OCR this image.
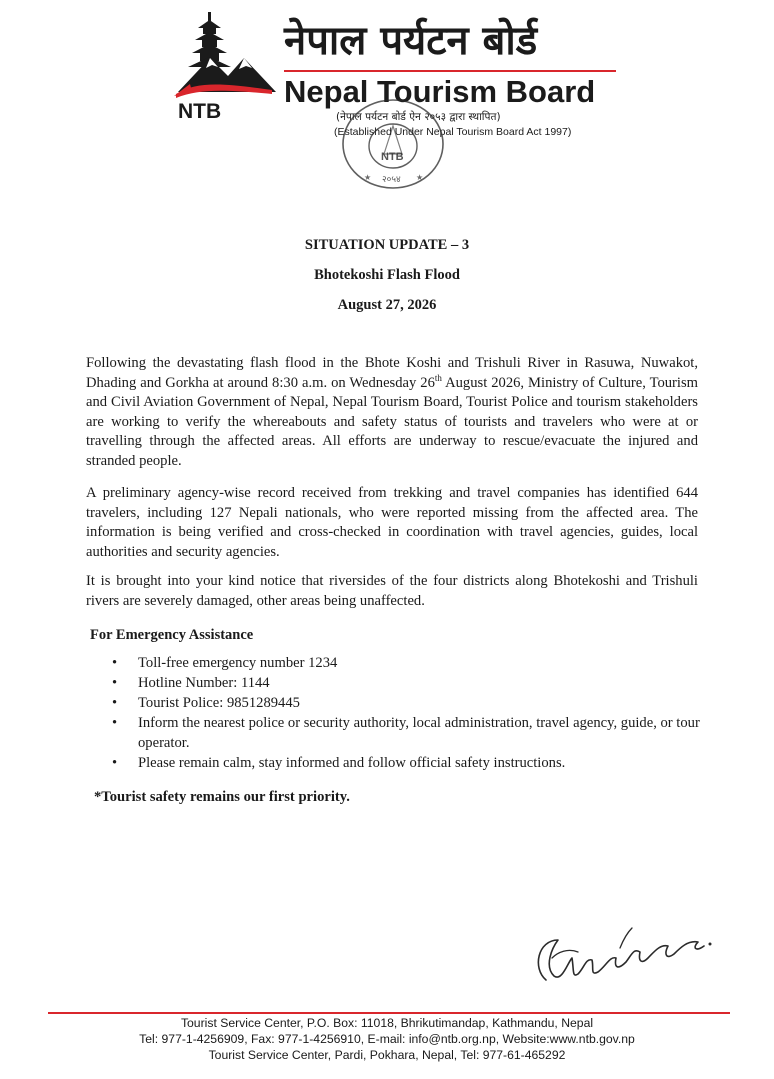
NTB
नेपाल पर्यटन बोर्ड
Nepal Tourism Board
(नेपाल पर्यटन बोर्ड ऐन २०५३ द्वारा स्थापित)
(Established Under Nepal Tourism Board Act 1997)
NTB
२०५४
★	★
SITUATION UPDATE – 3
Bhotekoshi Flash Flood
August 27, 2026
Following the devastating flash flood in the Bhote Koshi and Trishuli River in Rasuwa, Nuwakot, Dhading and Gorkha at around 8:30 a.m. on Wednesday 26th August 2026, Ministry of Culture, Tourism and Civil Aviation Government of Nepal, Nepal Tourism Board, Tourist Police and tourism stakeholders are working to verify the whereabouts and safety status of tourists and travelers who were at or travelling through the affected areas. All efforts are underway to rescue/evacuate the injured and stranded people.
A preliminary agency-wise record received from trekking and travel companies has identified 644 travelers, including 127 Nepali nationals, who were reported missing from the affected area. The information is being verified and cross-checked in coordination with travel agencies, guides, local authorities and security agencies.
It is brought into your kind notice that riversides of the four districts along Bhotekoshi and Trishuli rivers are severely damaged, other areas being unaffected.
For Emergency Assistance
• Toll-free emergency number 1234
• Hotline Number: 1144
• Tourist Police: 9851289445
• Inform the nearest police or security authority, local administration, travel agency, guide, or tour operator.
• Please remain calm, stay informed and follow official safety instructions.
*Tourist safety remains our first priority.
Tourist Service Center, P.O. Box: 11018, Bhrikutimandap, Kathmandu, Nepal
Tel: 977-1-4256909, Fax: 977-1-4256910, E-mail: info@ntb.org.np, Website:www.ntb.gov.np
Tourist Service Center, Pardi, Pokhara, Nepal, Tel: 977-61-465292
